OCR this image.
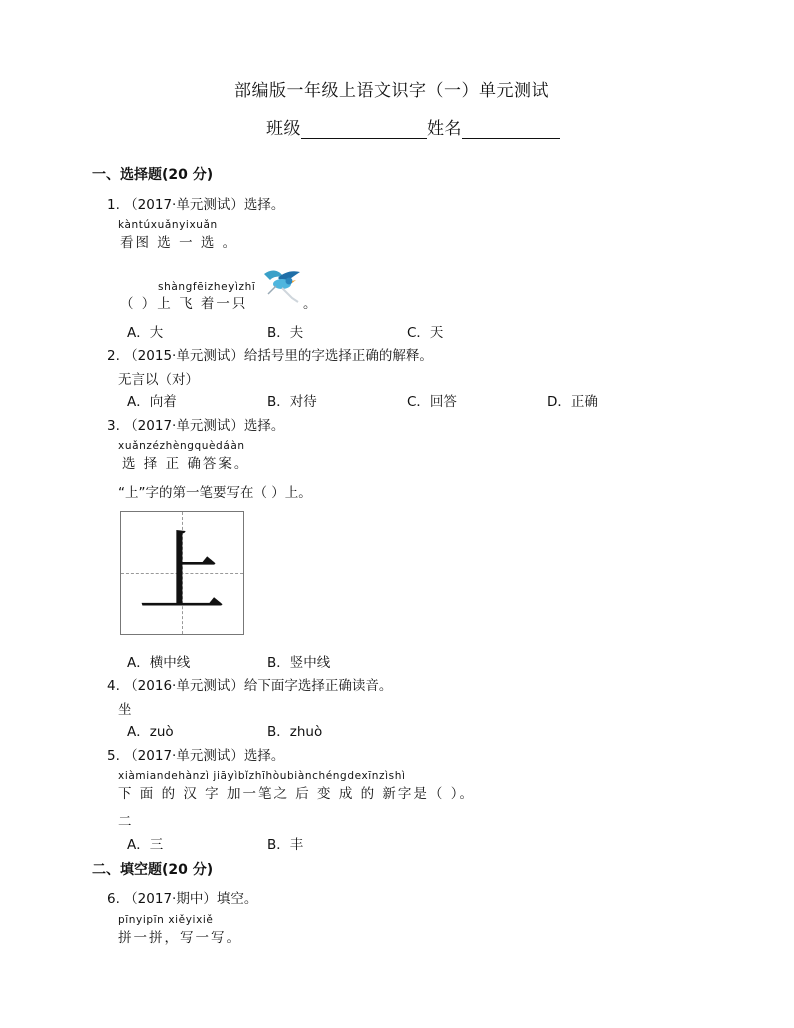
部编版一年级上语文识字（一）单元测试
班级	姓名
一、选择题(20 分)
1. （2017·单元测试）选择。
kàntúxuǎnyixuǎn
看图 选 一 选 。
shàngfēizheyìzhī
（ ）上 飞 着一只	。
A．大	B．夫	C．天
2. （2015·单元测试）给括号里的字选择正确的解释。
无言以（对）
A．向着	B．对待	C．回答	D．正确
3. （2017·单元测试）选择。
xuǎnzézhèngquèdáàn
选 择 正 确答案。
“上”字的第一笔要写在（ ）上。
上
A．横中线	B．竖中线
4. （2016·单元测试）给下面字选择正确读音。
坐
A．zuò	B．zhuò
5. （2017·单元测试）选择。
xiàmiandehànzì jiāyìbǐzhīhòubiànchéngdexīnzìshì
下 面 的 汉 字 加一笔之 后 变 成 的 新字是（ ）。
二
A．三	B．丰
二、填空题(20 分)
6. （2017·期中）填空。
pīnyipīn xiěyixiě
拼一拼，写一写。
